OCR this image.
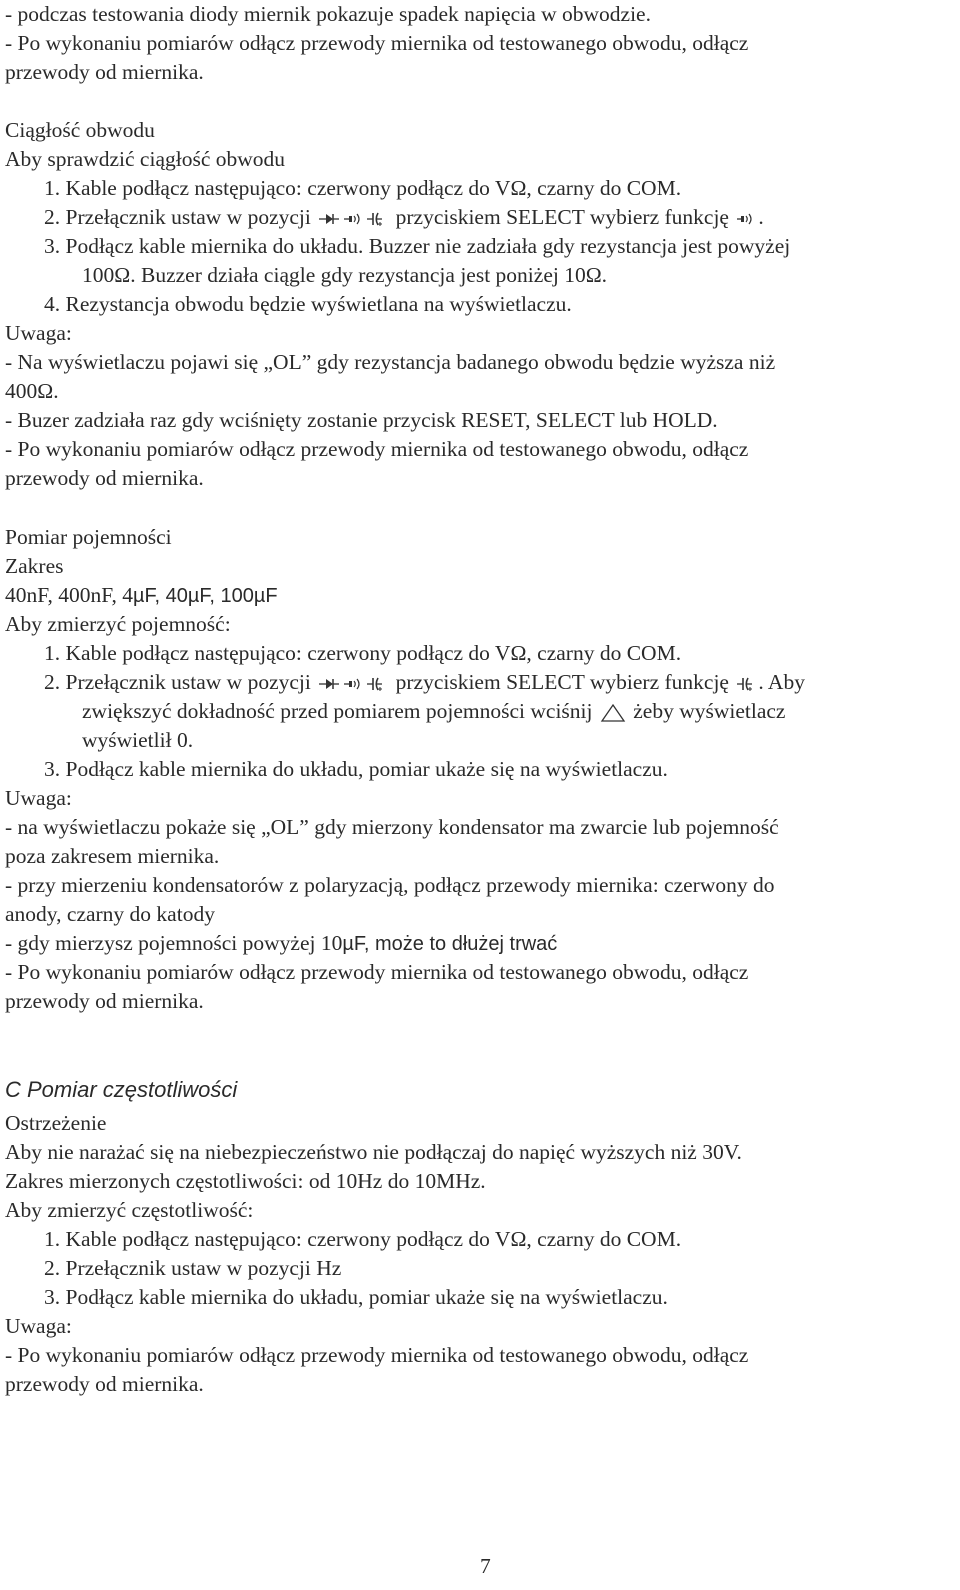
- podczas testowania diody miernik pokazuje spadek napięcia w obwodzie.
- Po wykonaniu pomiarów odłącz przewody miernika od testowanego obwodu, odłącz
przewody od miernika.
Ciągłość obwodu
Aby sprawdzić ciągłość obwodu
1. Kable podłącz następująco: czerwony podłącz do VΩ, czarny do COM.
2. Przełącznik ustaw w pozycji	przyciskiem SELECT wybierz funkcję .
3. Podłącz kable miernika do układu. Buzzer nie zadziała gdy rezystancja jest powyżej
100Ω. Buzzer działa ciągle gdy rezystancja jest poniżej 10Ω.
4. Rezystancja obwodu będzie wyświetlana na wyświetlaczu.
Uwaga:
- Na wyświetlaczu pojawi się „OL” gdy rezystancja badanego obwodu będzie wyższa niż
400Ω.
- Buzer zadziała raz gdy wciśnięty zostanie przycisk RESET, SELECT lub HOLD.
- Po wykonaniu pomiarów odłącz przewody miernika od testowanego obwodu, odłącz
przewody od miernika.
Pomiar pojemności
Zakres
40nF, 400nF, 4µF, 40µF, 100µF
Aby zmierzyć pojemność:
1. Kable podłącz następująco: czerwony podłącz do VΩ, czarny do COM.
2. Przełącznik ustaw w pozycji	przyciskiem SELECT wybierz funkcję . Aby
zwiększyć dokładność przed pomiarem pojemności wciśnij żeby wyświetlacz
wyświetlił 0.
3. Podłącz kable miernika do układu, pomiar ukaże się na wyświetlaczu.
Uwaga:
- na wyświetlaczu pokaże się „OL” gdy mierzony kondensator ma zwarcie lub pojemność
poza zakresem miernika.
- przy mierzeniu kondensatorów z polaryzacją, podłącz przewody miernika: czerwony do
anody, czarny do katody
- gdy mierzysz pojemności powyżej 10µF, może to dłużej trwać
- Po wykonaniu pomiarów odłącz przewody miernika od testowanego obwodu, odłącz
przewody od miernika.
C Pomiar częstotliwości
Ostrzeżenie
Aby nie narażać się na niebezpieczeństwo nie podłączaj do napięć wyższych niż 30V.
Zakres mierzonych częstotliwości: od 10Hz do 10MHz.
Aby zmierzyć częstotliwość:
1. Kable podłącz następująco: czerwony podłącz do VΩ, czarny do COM.
2. Przełącznik ustaw w pozycji Hz
3. Podłącz kable miernika do układu, pomiar ukaże się na wyświetlaczu.
Uwaga:
- Po wykonaniu pomiarów odłącz przewody miernika od testowanego obwodu, odłącz
przewody od miernika.
7
